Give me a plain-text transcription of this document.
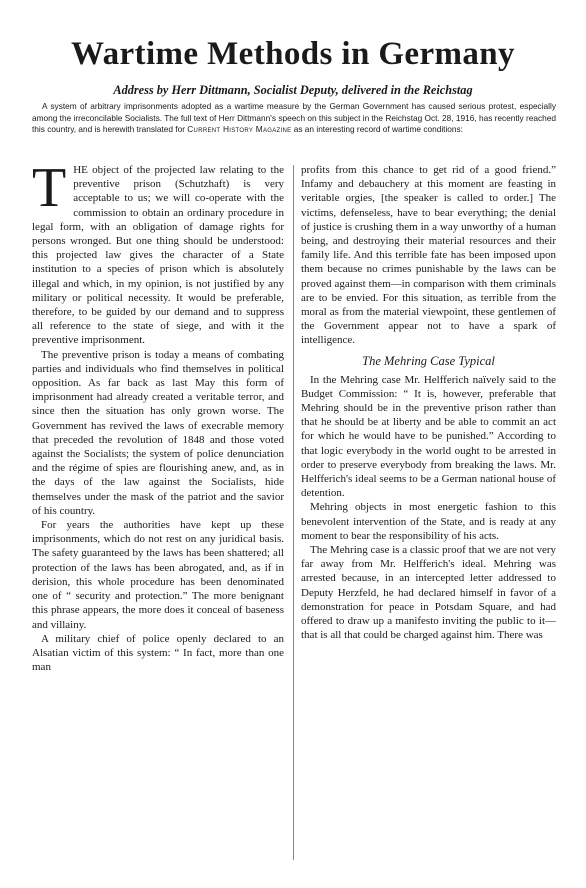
Wartime Methods in Germany
Address by Herr Dittmann, Socialist Deputy, delivered in the Reichstag

A system of arbitrary imprisonments adopted as a wartime measure by the German Government has caused serious protest, especially among the irreconcilable Socialists. The full text of Herr Dittmann's speech on this subject in the Reichstag Oct. 28, 1916, has recently reached this country, and is herewith translated for Current History Magazine as an interesting record of wartime conditions:

THE object of the projected law relating to the preventive prison (Schutzhaft) is very acceptable to us; we will co-operate with the commission to obtain an ordinary procedure in legal form, with an obligation of damage rights for persons wronged. But one thing should be understood: this projected law gives the character of a State institution to a species of prison which is absolutely illegal and which, in my opinion, is not justified by any military or political necessity. It would be preferable, therefore, to be guided by our demand and to suppress all reference to the state of siege, and with it the preventive imprisonment.

The preventive prison is today a means of combating parties and individuals who find themselves in political opposition. As far back as last May this form of imprisonment had already created a veritable terror, and since then the situation has only grown worse. The Government has revived the laws of execrable memory that preceded the revolution of 1848 and those voted against the Socialists; the system of police denunciation and the régime of spies are flourishing anew, and, as in the days of the law against the Socialists, hide themselves under the mask of the patriot and the savior of his country.

For years the authorities have kept up these imprisonments, which do not rest on any juridical basis. The safety guaranteed by the laws has been shattered; all protection of the laws has been abrogated, and, as if in derision, this whole procedure has been denominated one of “ security and protection.” The more benignant this phrase appears, the more does it conceal of baseness and villainy.

A military chief of police openly declared to an Alsatian victim of this system: “ In fact, more than one man

profits from this chance to get rid of a good friend.” Infamy and debauchery at this moment are feasting in veritable orgies, [the speaker is called to order.] The victims, defenseless, have to bear everything; the denial of justice is crushing them in a way unworthy of a human being, and destroying their material resources and their family life. And this terrible fate has been imposed upon them because no crimes punishable by the laws can be proved against them—in comparison with them criminals are to be envied. For this situation, as terrible from the moral as from the material viewpoint, these gentlemen of the Government appear not to have a spark of intelligence.

The Mehring Case Typical

In the Mehring case Mr. Helfferich naïvely said to the Budget Commission: “ It is, however, preferable that Mehring should be in the preventive prison rather than that he should be at liberty and be able to commit an act for which he would have to be punished.” According to that logic everybody in the world ought to be arrested in order to preserve everybody from breaking the laws. Mr. Helfferich's ideal seems to be a German national house of detention.

Mehring objects in most energetic fashion to this benevolent intervention of the State, and is ready at any moment to bear the responsibility of his acts.

The Mehring case is a classic proof that we are not very far away from Mr. Helfferich's ideal. Mehring was arrested because, in an intercepted letter addressed to Deputy Herzfeld, he had declared himself in favor of a demonstration for peace in Potsdam Square, and had offered to draw up a manifesto inviting the public to it—that is all that could be charged against him. There was
